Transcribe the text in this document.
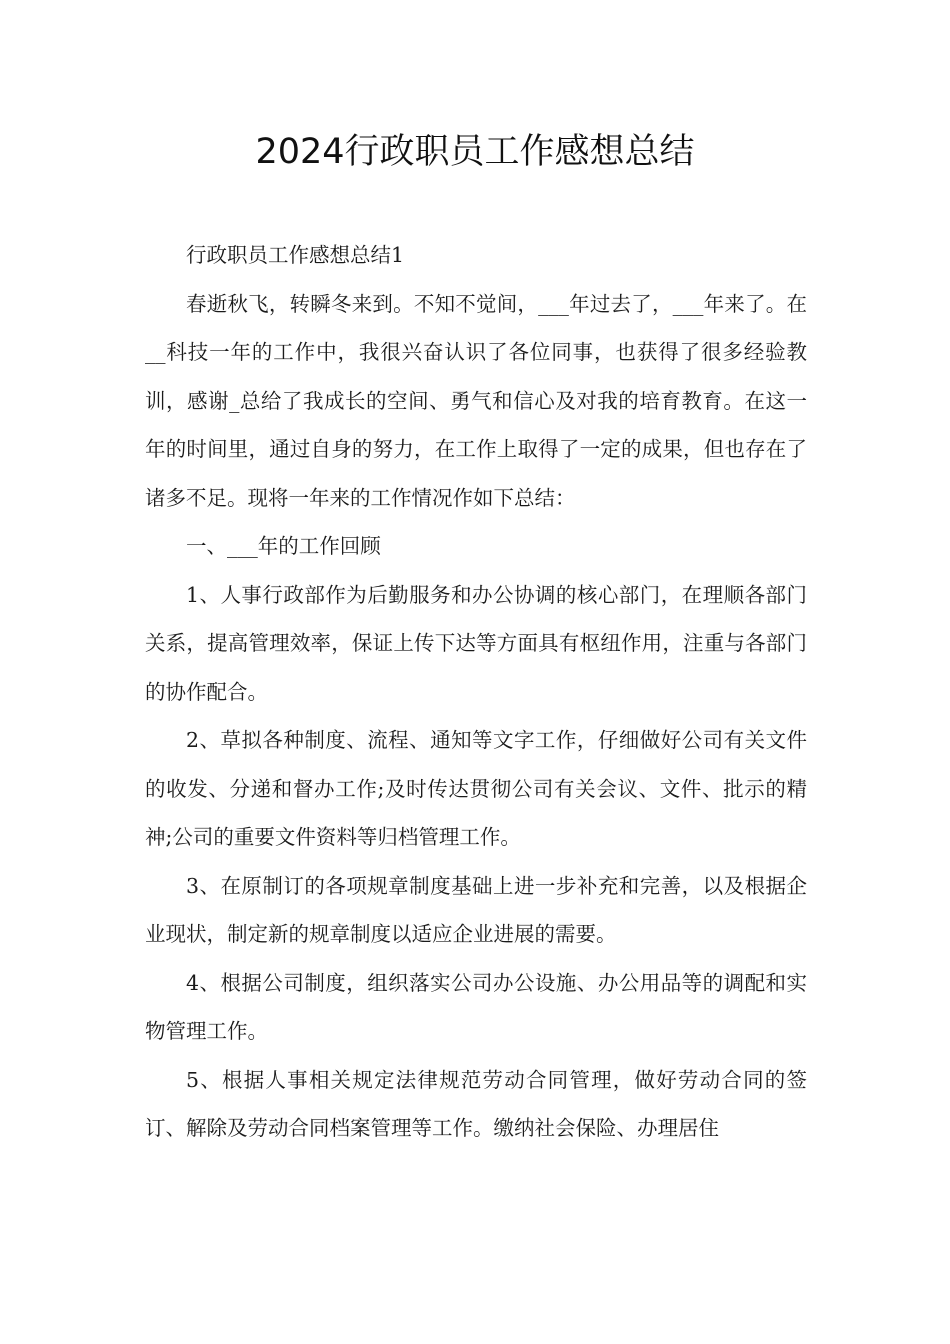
2024行政职员工作感想总结

行政职员工作感想总结1

春逝秋飞，转瞬冬来到。不知不觉间，___年过去了，___年来了。在__科技一年的工作中，我很兴奋认识了各位同事，也获得了很多经验教训，感谢_总给了我成长的空间、勇气和信心及对我的培育教育。在这一年的时间里，通过自身的努力，在工作上取得了一定的成果，但也存在了诸多不足。现将一年来的工作情况作如下总结：

一、___年的工作回顾

1、人事行政部作为后勤服务和办公协调的核心部门，在理顺各部门关系，提高管理效率，保证上传下达等方面具有枢纽作用，注重与各部门的协作配合。

2、草拟各种制度、流程、通知等文字工作，仔细做好公司有关文件的收发、分递和督办工作;及时传达贯彻公司有关会议、文件、批示的精神;公司的重要文件资料等归档管理工作。

3、在原制订的各项规章制度基础上进一步补充和完善，以及根据企业现状，制定新的规章制度以适应企业进展的需要。

4、根据公司制度，组织落实公司办公设施、办公用品等的调配和实物管理工作。

5、根据人事相关规定法律规范劳动合同管理，做好劳动合同的签订、解除及劳动合同档案管理等工作。缴纳社会保险、办理居住
